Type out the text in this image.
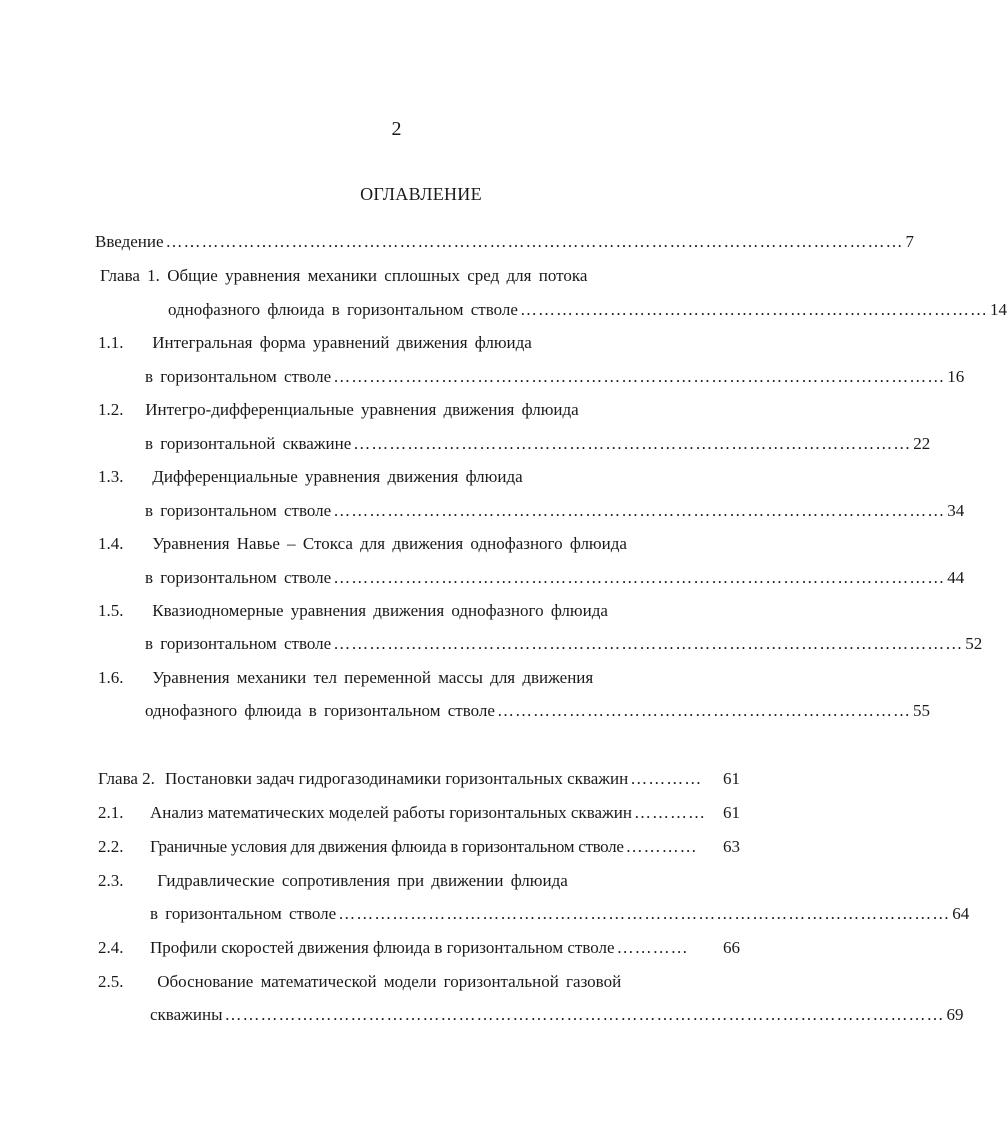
2
ОГЛАВЛЕНИЕ
Введение …………………………………………………………………………………………………………… 7
Глава 1. Общие уравнения механики сплошных сред для потока
однофазного флюида в горизонтальном стволе …………………………………………………………………… 14
1.1. Интегральная форма уравнений движения флюида
в горизонтальном стволе ………………………………………………………………………………………… 16
1.2. Интегро-дифференциальные уравнения движения флюида
в горизонтальной скважине ………………………………………………………………………………… 22
1.3. Дифференциальные уравнения движения флюида
в горизонтальном стволе ………………………………………………………………………………………… 34
1.4. Уравнения Навье – Стокса для движения однофазного флюида
в горизонтальном стволе ………………………………………………………………………………………… 44
1.5. Квазиодномерные уравнения движения однофазного флюида
в горизонтальном стволе …………………………………………………………………………………………… 52
1.6. Уравнения механики тел переменной массы для движения
однофазного флюида в горизонтальном стволе …………………………………………………………… 55
Глава 2. Постановки задач гидрогазодинамики горизонтальных скважин …………	61
2.1.	Анализ математических моделей работы горизонтальных скважин …………	61
2.2.	Граничные условия для движения флюида в горизонтальном стволе …………	63
2.3. Гидравлические сопротивления при движении флюида
в горизонтальном стволе ………………………………………………………………………………………… 64
2.4.	Профили скоростей движения флюида в горизонтальном стволе …………	66
2.5. Обоснование математической модели горизонтальной газовой
скважины ………………………………………………………………………………………………………… 69
